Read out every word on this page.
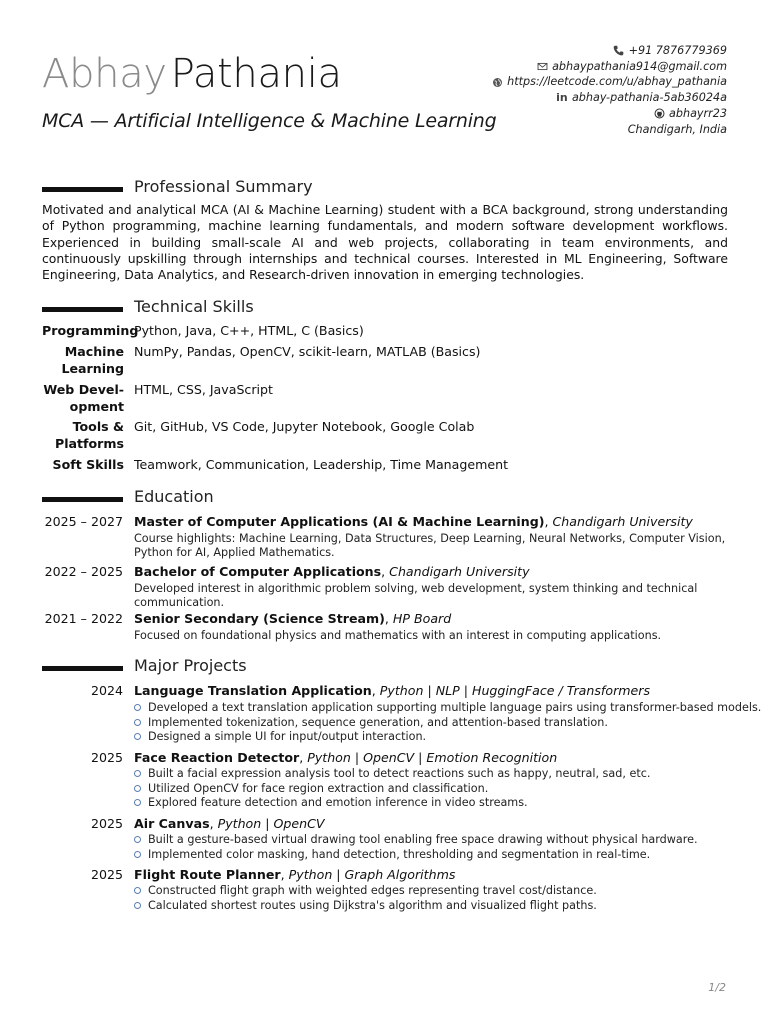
Abhay Pathania
MCA — Artificial Intelligence & Machine Learning
+91 7876779369
abhaypathania914@gmail.com
https://leetcode.com/u/abhay_pathania
in abhay-pathania-5ab36024a
abhayrr23
Chandigarh, India
Professional Summary
Motivated and analytical MCA (AI & Machine Learning) student with a BCA background, strong understanding of Python programming, machine learning fundamentals, and modern software development workflows. Experienced in building small-scale AI and web projects, collaborating in team environments, and continuously upskilling through internships and technical courses. Interested in ML Engineering, Software Engineering, Data Analytics, and Research-driven innovation in emerging technologies.
Technical Skills
Programming
Python, Java, C++, HTML, C (Basics)
Machine
Learning
NumPy, Pandas, OpenCV, scikit-learn, MATLAB (Basics)
Web Devel-
opment
HTML, CSS, JavaScript
Tools &
Platforms
Git, GitHub, VS Code, Jupyter Notebook, Google Colab
Soft Skills Teamwork, Communication, Leadership, Time Management
Education
2025 – 2027 Master of Computer Applications (AI & Machine Learning), Chandigarh University
Course highlights: Machine Learning, Data Structures, Deep Learning, Neural Networks, Computer Vision, Python for AI, Applied Mathematics.
2022 – 2025 Bachelor of Computer Applications, Chandigarh University
Developed interest in algorithmic problem solving, web development, system thinking and technical communication.
2021 – 2022 Senior Secondary (Science Stream), HP Board
Focused on foundational physics and mathematics with an interest in computing applications.
Major Projects
2024 Language Translation Application, Python | NLP | HuggingFace / Transformers
Developed a text translation application supporting multiple language pairs using transformer-based models.
Implemented tokenization, sequence generation, and attention-based translation.
Designed a simple UI for input/output interaction.
2025 Face Reaction Detector, Python | OpenCV | Emotion Recognition
Built a facial expression analysis tool to detect reactions such as happy, neutral, sad, etc.
Utilized OpenCV for face region extraction and classification.
Explored feature detection and emotion inference in video streams.
2025 Air Canvas, Python | OpenCV
Built a gesture-based virtual drawing tool enabling free space drawing without physical hardware.
Implemented color masking, hand detection, thresholding and segmentation in real-time.
2025 Flight Route Planner, Python | Graph Algorithms
Constructed flight graph with weighted edges representing travel cost/distance.
Calculated shortest routes using Dijkstra's algorithm and visualized flight paths.
1/2
